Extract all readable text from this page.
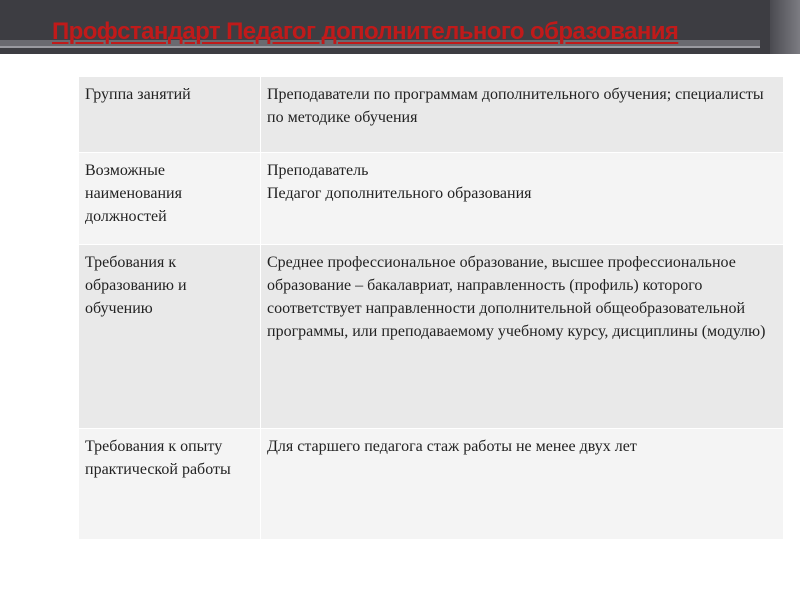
Профстандарт Педагог дополнительного образования
Группа занятий	Преподаватели по программам дополнительного обучения; специалисты по методике обучения

Возможные наименования должностей	Преподаватель
Педагог дополнительного образования

Требования к образованию и обучению	Среднее профессиональное образование, высшее профессиональное образование – бакалавриат, направленность (профиль) которого соответствует направленности дополнительной общеобразовательной программы, или преподаваемому учебному курсу, дисциплины (модулю)

Требования к опыту практической работы	Для старшего педагога стаж работы не менее двух лет
